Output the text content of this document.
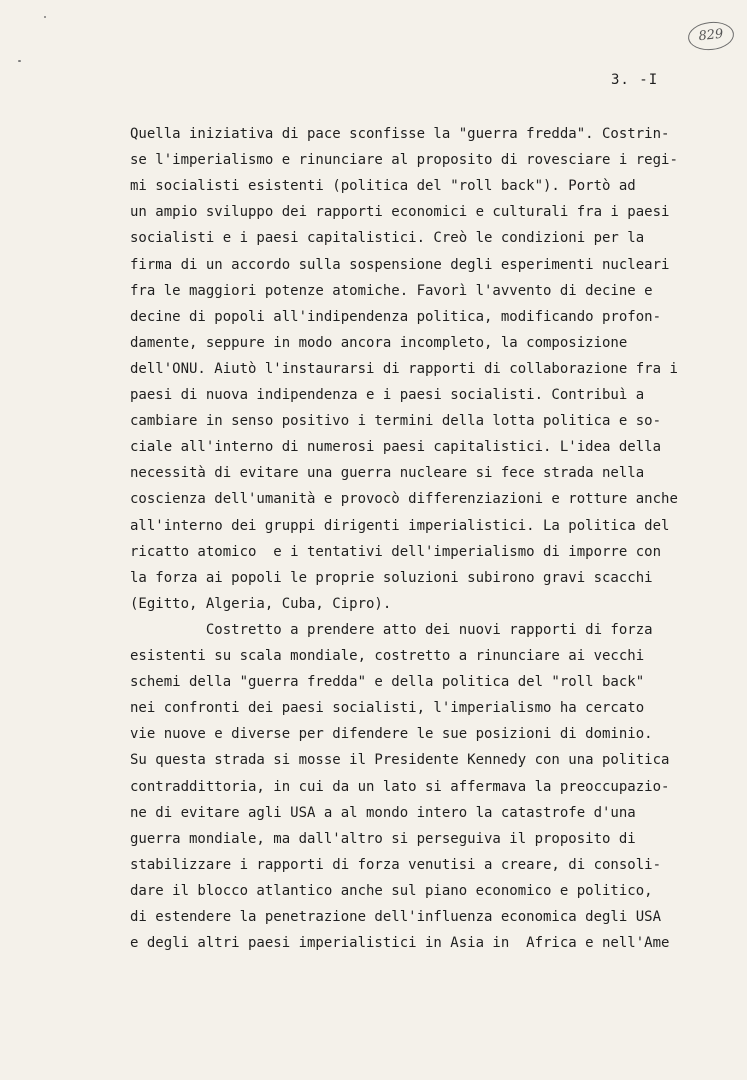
829
3. -I
Quella iniziativa di pace sconfisse la "guerra fredda". Costrin-
se l'imperialismo e rinunciare al proposito di rovesciare i regi-
mi socialisti esistenti (politica del "roll back"). Portò ad
un ampio sviluppo dei rapporti economici e culturali fra i paesi
socialisti e i paesi capitalistici. Creò le condizioni per la
firma di un accordo sulla sospensione degli esperimenti nucleari
fra le maggiori potenze atomiche. Favorì l'avvento di decine e
decine di popoli all'indipendenza politica, modificando profon-
damente, seppure in modo ancora incompleto, la composizione
dell'ONU. Aiutò l'instaurarsi di rapporti di collaborazione fra i
paesi di nuova indipendenza e i paesi socialisti. Contribuì a
cambiare in senso positivo i termini della lotta politica e so-
ciale all'interno di numerosi paesi capitalistici. L'idea della
necessità di evitare una guerra nucleare si fece strada nella
coscienza dell'umanità e provocò differenziazioni e rotture anche
all'interno dei gruppi dirigenti imperialistici. La politica del
ricatto atomico  e i tentativi dell'imperialismo di imporre con
la forza ai popoli le proprie soluzioni subirono gravi scacchi
(Egitto, Algeria, Cuba, Cipro).
Costretto a prendere atto dei nuovi rapporti di forza
esistenti su scala mondiale, costretto a rinunciare ai vecchi
schemi della "guerra fredda" e della politica del "roll back"
nei confronti dei paesi socialisti, l'imperialismo ha cercato
vie nuove e diverse per difendere le sue posizioni di dominio.
Su questa strada si mosse il Presidente Kennedy con una politica
contraddittoria, in cui da un lato si affermava la preoccupazio-
ne di evitare agli USA a al mondo intero la catastrofe d'una
guerra mondiale, ma dall'altro si perseguiva il proposito di
stabilizzare i rapporti di forza venutisi a creare, di consoli-
dare il blocco atlantico anche sul piano economico e politico,
di estendere la penetrazione dell'influenza economica degli USA
e degli altri paesi imperialistici in Asia in  Africa e nell'Ame
